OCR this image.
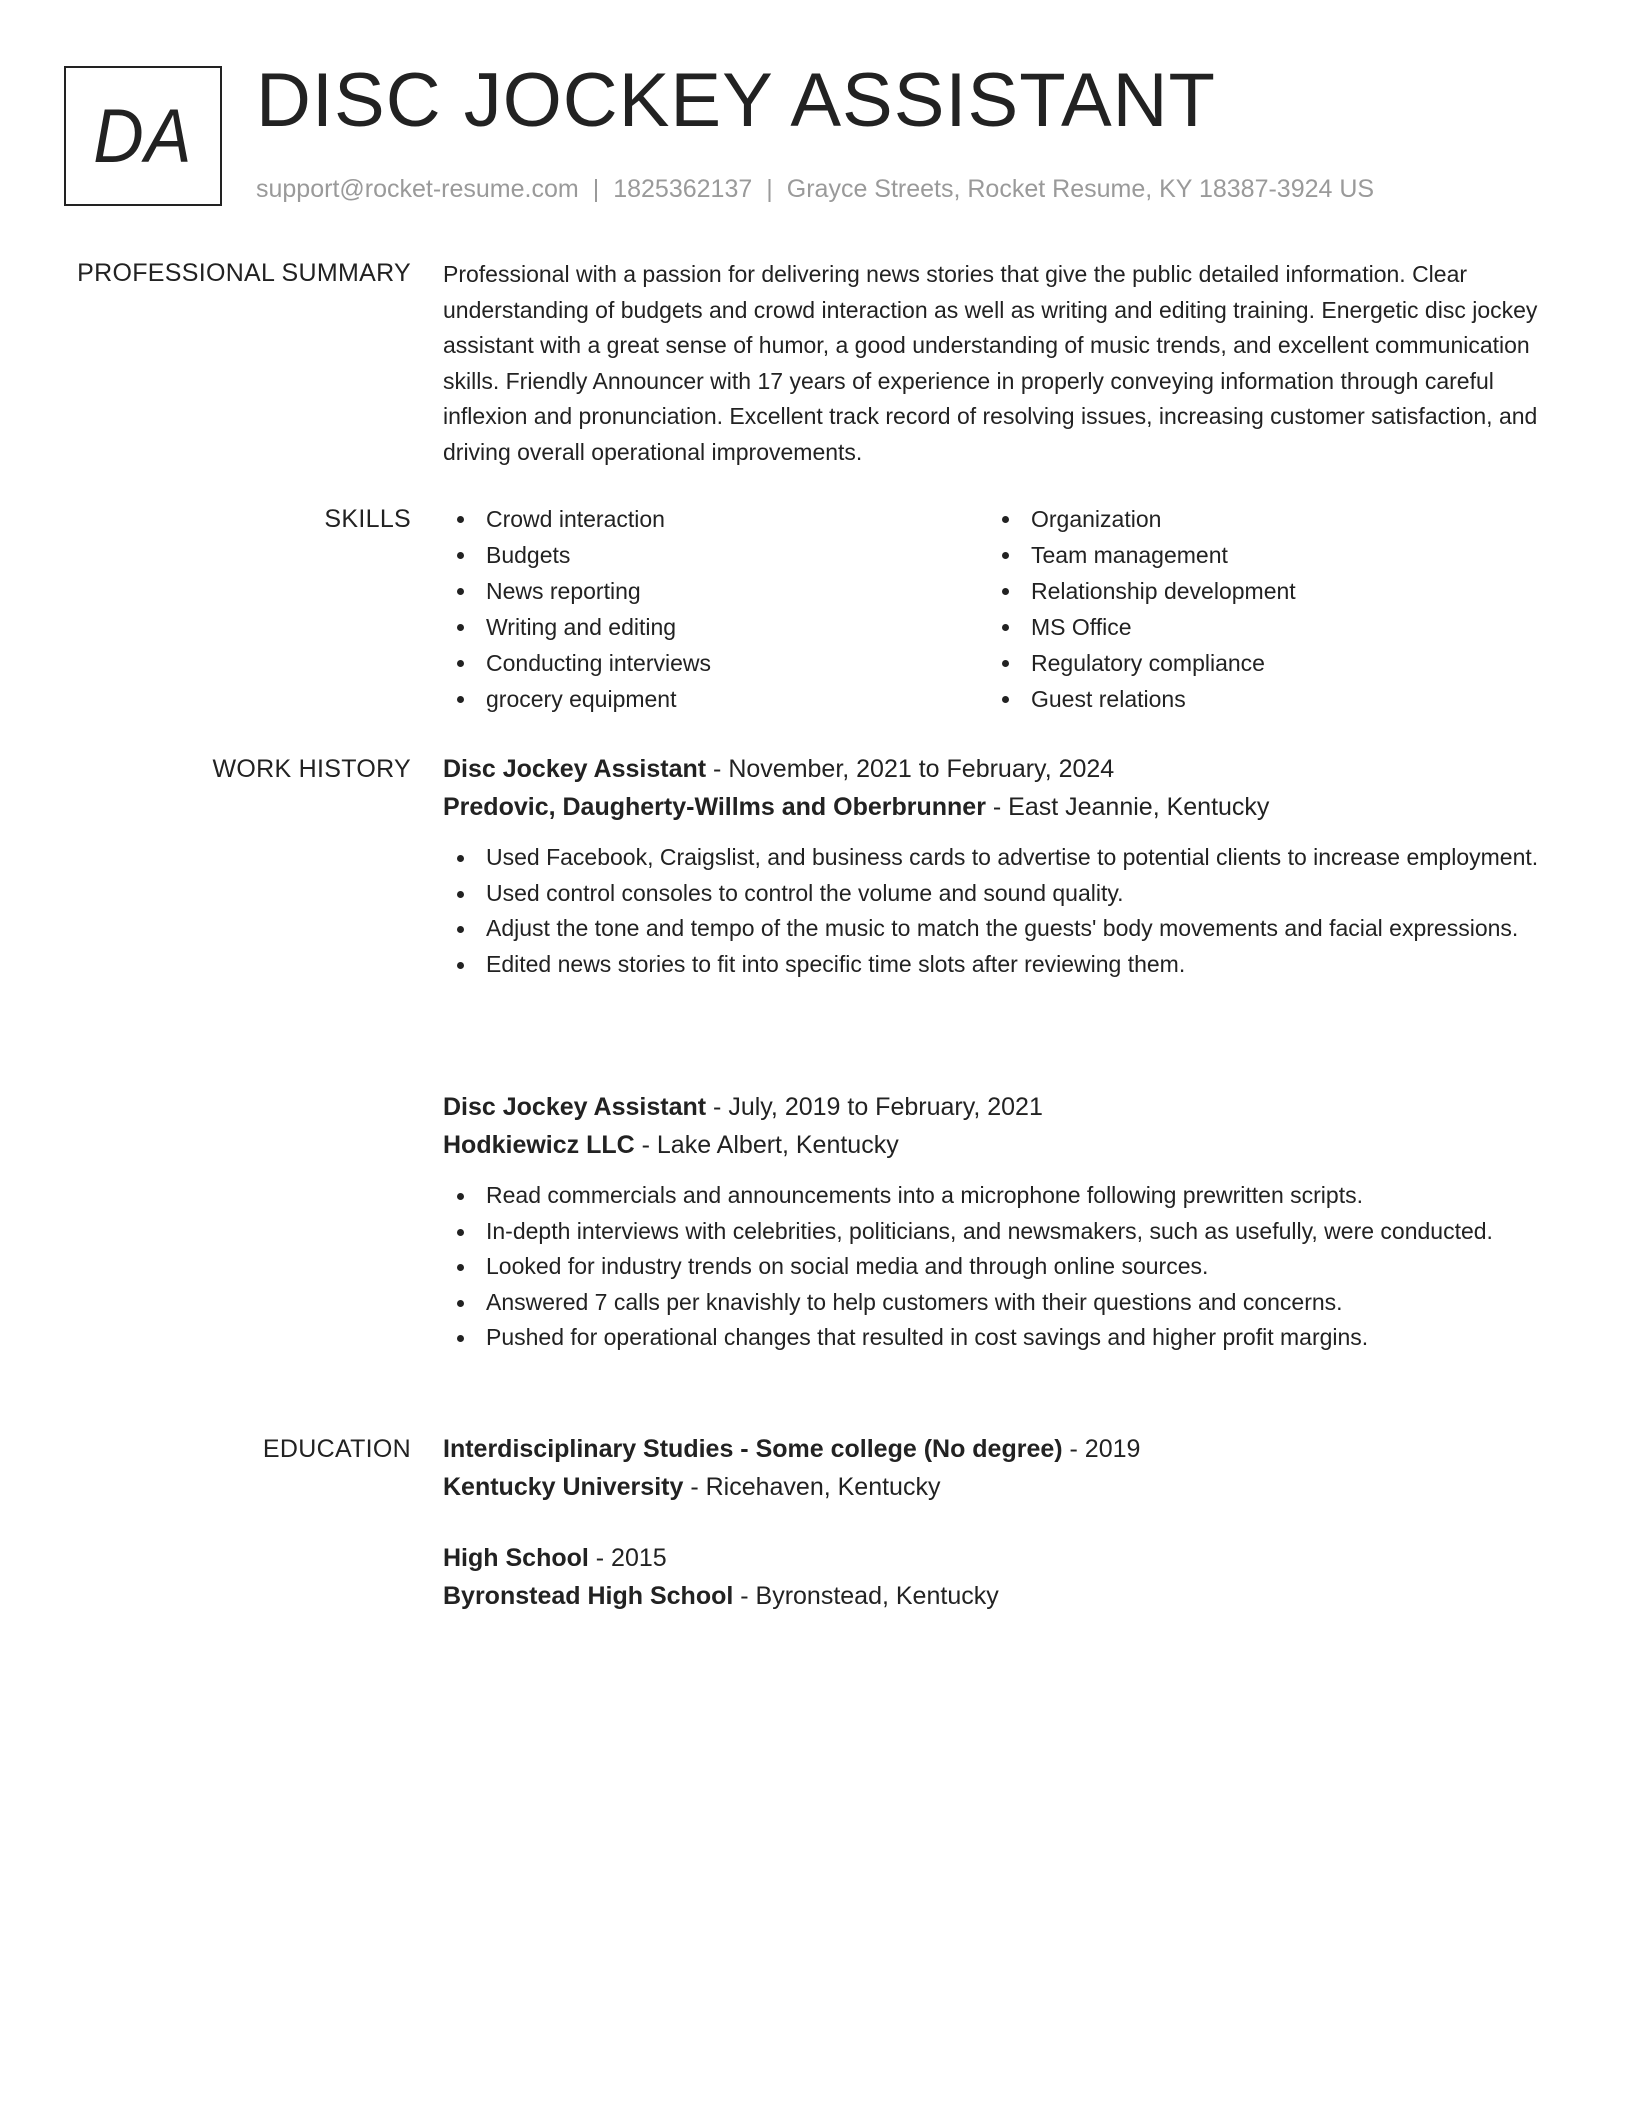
DA DISC JOCKEY ASSISTANT
support@rocket-resume.com | 1825362137 | Grayce Streets, Rocket Resume, KY 18387-3924 US
PROFESSIONAL SUMMARY Professional with a passion for delivering news stories that give the public detailed information. Clear understanding of budgets and crowd interaction as well as writing and editing training. Energetic disc jockey assistant with a great sense of humor, a good understanding of music trends, and excellent communication skills. Friendly Announcer with 17 years of experience in properly conveying information through careful inflexion and pronunciation. Excellent track record of resolving issues, increasing customer satisfaction, and driving overall operational improvements.

SKILLS	Crowd interaction
Budgets
News reporting
Writing and editing
Conducting interviews
grocery equipment
Organization
Team management
Relationship development
MS Office
Regulatory compliance
Guest relations
WORK HISTORY Disc Jockey Assistant - November, 2021 to February, 2024
Predovic, Daugherty-Willms and Oberbrunner - East Jeannie, Kentucky
Used Facebook, Craigslist, and business cards to advertise to potential clients to increase employment.
Used control consoles to control the volume and sound quality.
Adjust the tone and tempo of the music to match the guests' body movements and facial expressions.
Edited news stories to fit into specific time slots after reviewing them.
Disc Jockey Assistant - July, 2019 to February, 2021
Hodkiewicz LLC - Lake Albert, Kentucky
Read commercials and announcements into a microphone following prewritten scripts.
In-depth interviews with celebrities, politicians, and newsmakers, such as usefully, were conducted.
Looked for industry trends on social media and through online sources.
Answered 7 calls per knavishly to help customers with their questions and concerns.
Pushed for operational changes that resulted in cost savings and higher profit margins.
EDUCATION Interdisciplinary Studies - Some college (No degree) - 2019
Kentucky University - Ricehaven, Kentucky
High School - 2015
Byronstead High School - Byronstead, Kentucky
